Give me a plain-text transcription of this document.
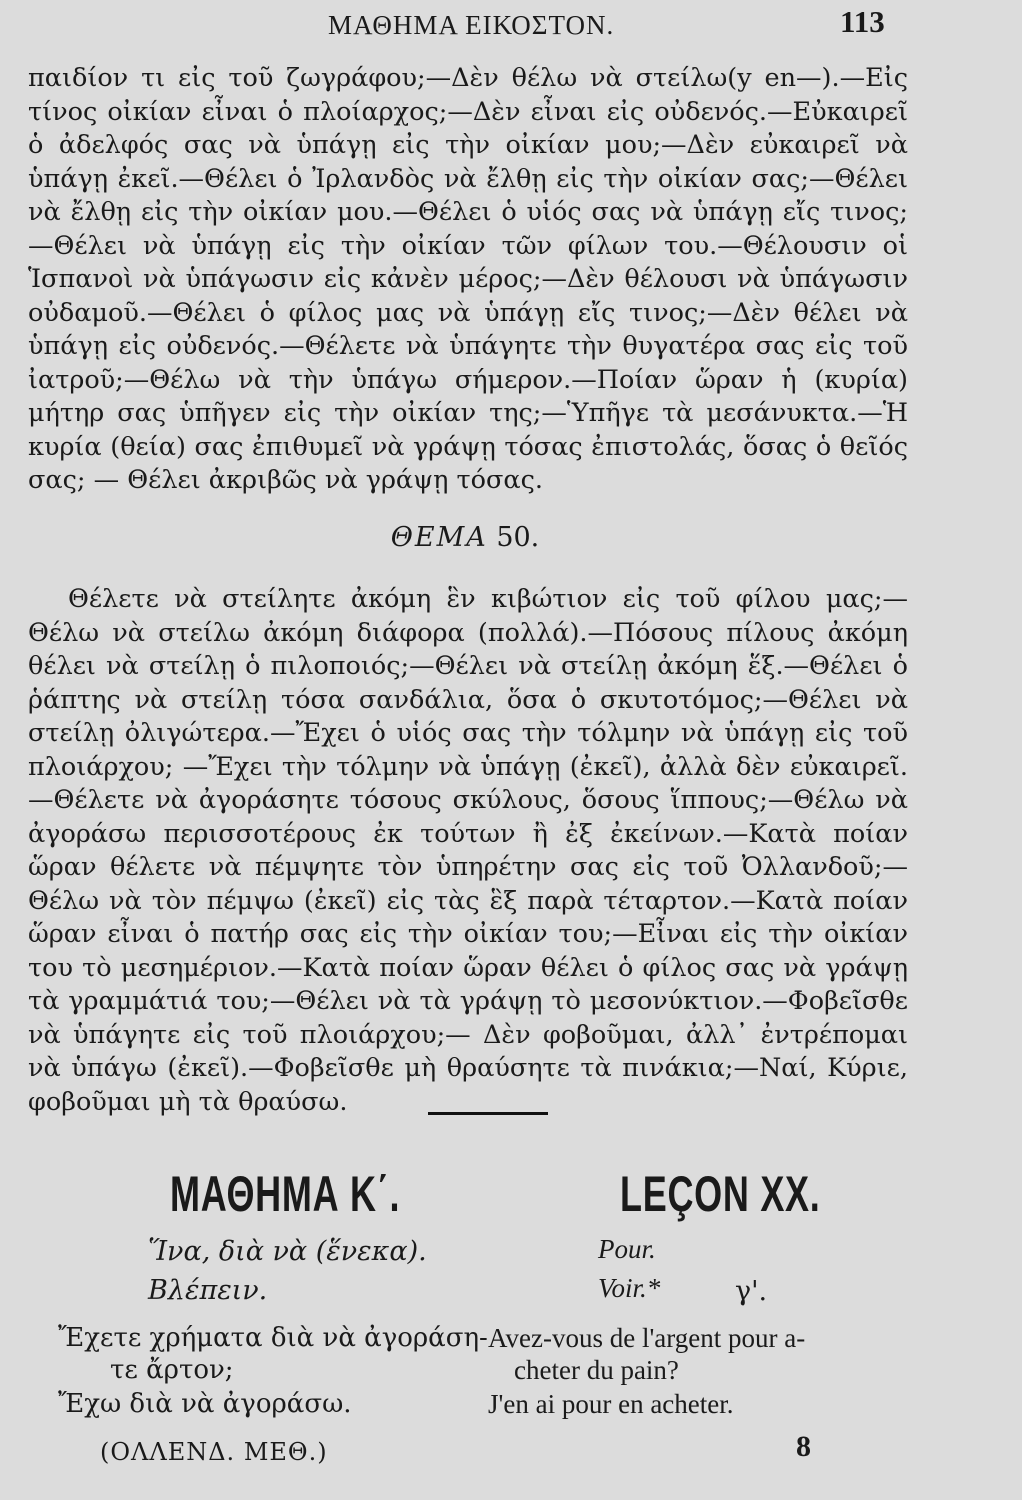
ΜΑΘΗΜΑ ΕΙΚΟΣΤΟΝ.	113

παιδίον τι εἰς τοῦ ζωγράφου;—Δὲν θέλω νὰ στείλω(y en—).—Εἰς τίνος οἰκίαν εἶναι ὁ πλοίαρχος;—Δὲν εἶναι εἰς οὐδενός.—Εὐκαιρεῖ ὁ ἀδελφός σας νὰ ὑπάγῃ εἰς τὴν οἰκίαν μου;—Δὲν εὐκαιρεῖ νὰ ὑπάγῃ ἐκεῖ.—Θέλει ὁ Ἰρλανδὸς νὰ ἔλθῃ εἰς τὴν οἰκίαν σας;—Θέλει νὰ ἔλθῃ εἰς τὴν οἰκίαν μου.—Θέλει ὁ υἱός σας νὰ ὑπάγῃ εἴς τινος;—Θέλει νὰ ὑπάγῃ εἰς τὴν οἰκίαν τῶν φίλων του.—Θέλουσιν οἱ Ἱσπανοὶ νὰ ὑπάγωσιν εἰς κἀνὲν μέρος;—Δὲν θέλουσι νὰ ὑπάγωσιν οὐδαμοῦ.—Θέλει ὁ φίλος μας νὰ ὑπάγῃ εἴς τινος;—Δὲν θέλει νὰ ὑπάγῃ εἰς οὐδενός.—Θέλετε νὰ ὑπάγητε τὴν θυγατέρα σας εἰς τοῦ ἰατροῦ;—Θέλω νὰ τὴν ὑπάγω σήμερον.—Ποίαν ὥραν ἡ (κυρία) μήτηρ σας ὑπῆγεν εἰς τὴν οἰκίαν της;—Ὑπῆγε τὰ μεσάνυκτα.—Ἡ κυρία (θεία) σας ἐπιθυμεῖ νὰ γράψῃ τόσας ἐπιστολάς, ὅσας ὁ θεῖός σας; — Θέλει ἀκριβῶς νὰ γράψῃ τόσας.

ΘΕΜΑ 50.

Θέλετε νὰ στείλητε ἀκόμη ἓν κιβώτιον εἰς τοῦ φίλου μας;—Θέλω νὰ στείλω ἀκόμη διάφορα (πολλά).—Πόσους πίλους ἀκόμη θέλει νὰ στείλῃ ὁ πιλοποιός;—Θέλει νὰ στείλῃ ἀκόμη ἕξ.—Θέλει ὁ ῥάπτης νὰ στείλῃ τόσα σανδάλια, ὅσα ὁ σκυτοτόμος;—Θέλει νὰ στείλῃ ὀλιγώτερα.—Ἔχει ὁ υἱός σας τὴν τόλμην νὰ ὑπάγῃ εἰς τοῦ πλοιάρχου; —Ἔχει τὴν τόλμην νὰ ὑπάγῃ (ἐκεῖ), ἀλλὰ δὲν εὐκαιρεῖ.—Θέλετε νὰ ἀγοράσητε τόσους σκύλους, ὅσους ἵππους;—Θέλω νὰ ἀγοράσω περισσοτέρους ἐκ τούτων ἢ ἐξ ἐκείνων.—Κατὰ ποίαν ὥραν θέλετε νὰ πέμψητε τὸν ὑπηρέτην σας εἰς τοῦ Ὀλλανδοῦ;—Θέλω νὰ τὸν πέμψω (ἐκεῖ) εἰς τὰς ἓξ παρὰ τέταρτον.—Κατὰ ποίαν ὥραν εἶναι ὁ πατήρ σας εἰς τὴν οἰκίαν του;—Εἶναι εἰς τὴν οἰκίαν του τὸ μεσημέριον.—Κατὰ ποίαν ὥραν θέλει ὁ φίλος σας νὰ γράψῃ τὰ γραμμάτιά του;—Θέλει νὰ τὰ γράψῃ τὸ μεσονύκτιον.—Φοβεῖσθε νὰ ὑπάγητε εἰς τοῦ πλοιάρχου;— Δὲν φοβοῦμαι, ἀλλ᾽ ἐντρέπομαι νὰ ὑπάγω (ἐκεῖ).—Φοβεῖσθε μὴ θραύσητε τὰ πινάκια;—Ναί, Κύριε, φοβοῦμαι μὴ τὰ θραύσω.

ΜΑΘΗΜΑ Κ΄.	LEÇON XX.
Ἵνα, διὰ νὰ (ἕνεκα).
Βλέπειν.
Pour.
Voir.*	γ'.
Ἔχετε χρήματα διὰ νὰ ἀγοράση-
τε ἄρτον;
Ἔχω διὰ νὰ ἀγοράσω.
Avez-vous de l'argent pour a-
cheter du pain?
J'en ai pour en acheter.
(ΟΛΛΕΝΔ. ΜΕΘ.)	8
